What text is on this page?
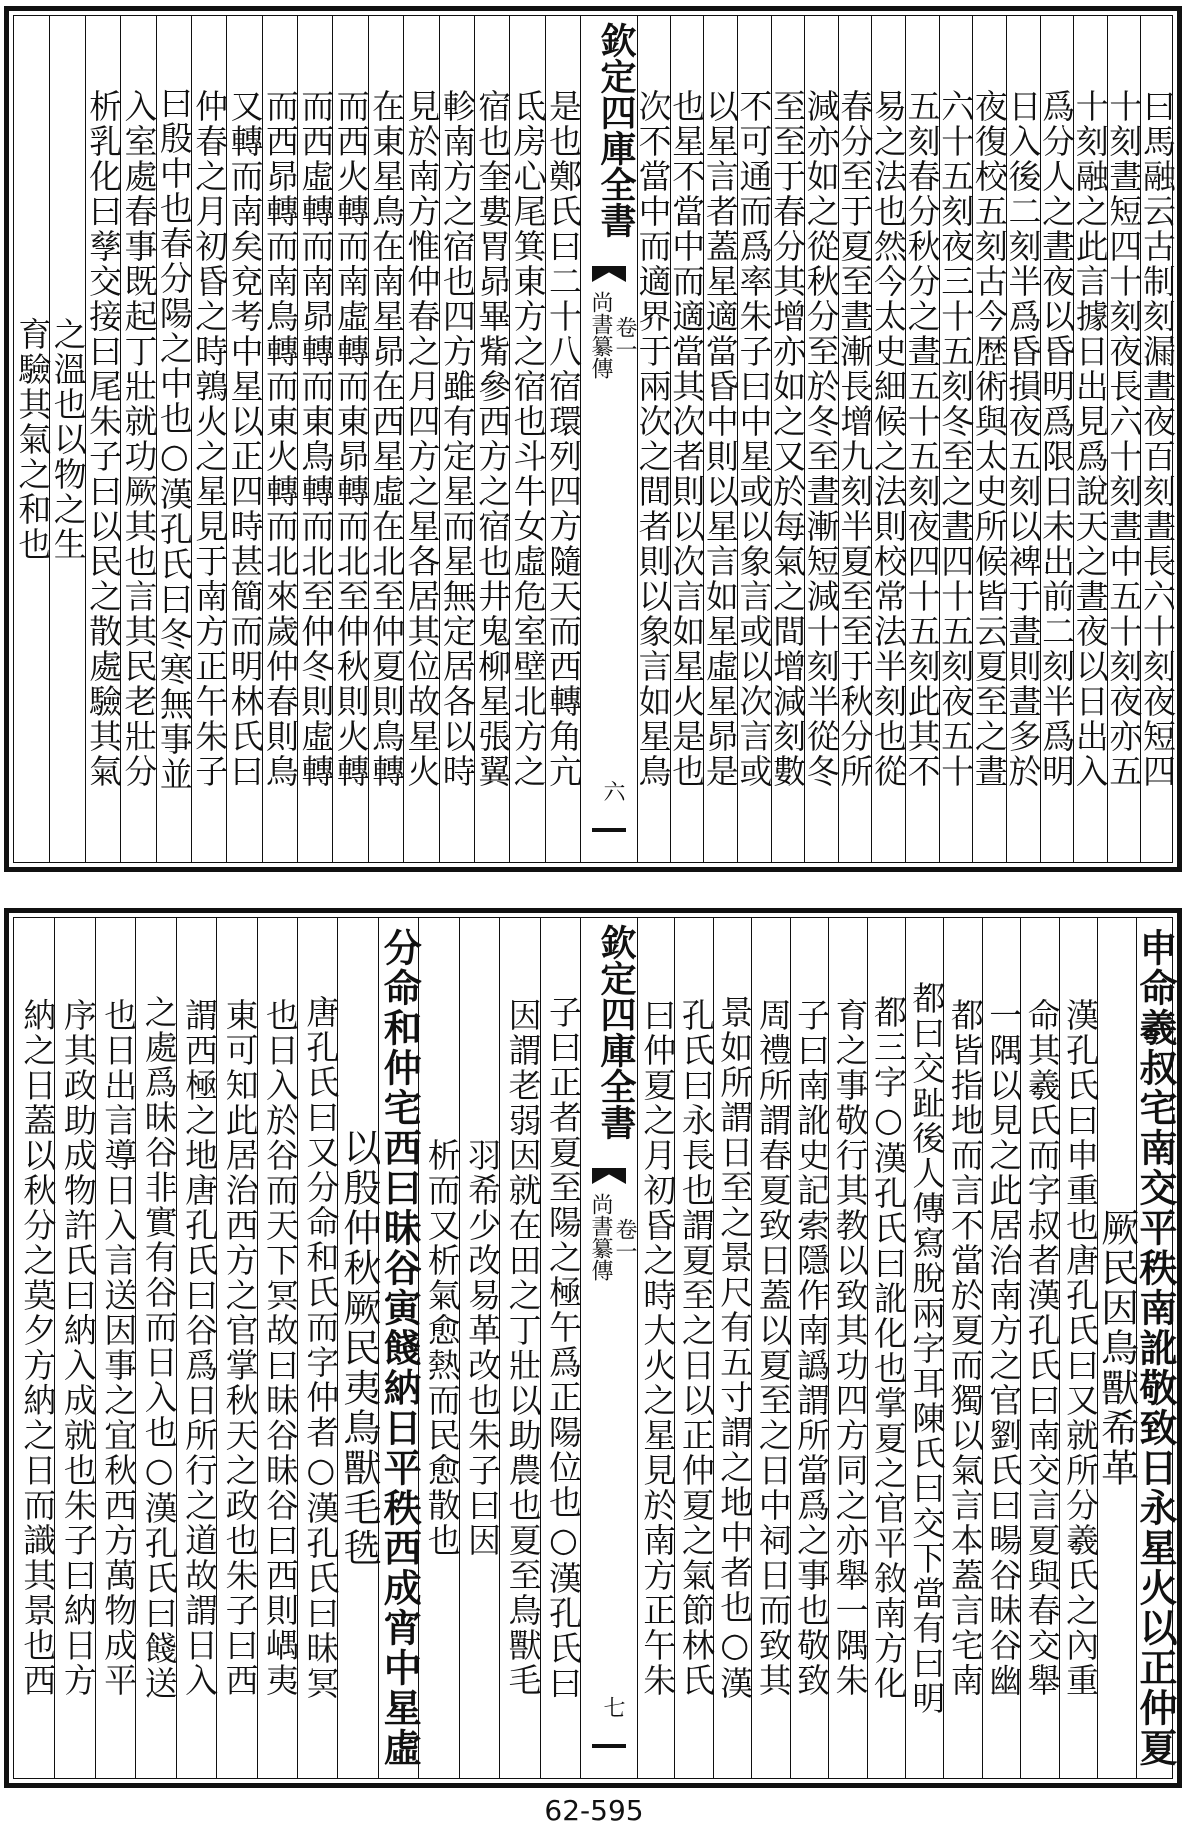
曰馬融云古制刻漏晝夜百刻晝長六十刻夜短四
十刻晝短四十刻夜長六十刻晝中五十刻夜亦五
十刻融之此言據日出見爲說天之晝夜以日出入
爲分人之晝夜以昏明爲限日未出前二刻半爲明
日入後二刻半爲昏損夜五刻以裨于晝則晝多於
夜復校五刻古今歴術與太史所候皆云夏至之晝
六十五刻夜三十五刻冬至之晝四十五刻夜五十
五刻春分秋分之晝五十五刻夜四十五刻此其不
易之法也然今太史細候之法則校常法半刻也從
春分至于夏至晝漸長增九刻半夏至至于秋分所
減亦如之從秋分至於冬至晝漸短減十刻半從冬
至至于春分其增亦如之又於每氣之間增減刻數
不可通而爲率朱子曰中星或以象言或以次言或
以星言者蓋星適當昏中則以星言如星虛星昴是
也星不當中而適當其次者則以次言如星火是也
次不當中而適界于兩次之間者則以象言如星鳥
是也鄭氏曰二十八宿環列四方隨天而西轉角亢
氐房心尾箕東方之宿也斗牛女虛危室壁北方之
宿也奎婁胃昴畢觜參西方之宿也井鬼柳星張翼
軫南方之宿也四方雖有定星而星無定居各以時
見於南方惟仲春之月四方之星各居其位故星火
在東星鳥在南星昴在西星虛在北至仲夏則鳥轉
而西火轉而南虛轉而東昴轉而北至仲秋則火轉
而西虛轉而南昴轉而東鳥轉而北至仲冬則虛轉
而西昴轉而南鳥轉而東火轉而北來歲仲春則鳥
又轉而南矣兗考中星以正四時甚簡而明林氏曰
仲春之月初昏之時鶉火之星見于南方正午朱子
曰殷中也春分陽之中也○漢孔氏曰冬寒無事並
入室處春事既起丁壯就功厥其也言其民老壯分
析乳化曰孳交接曰尾朱子曰以民之散處驗其氣
之溫也以物之生
育驗其氣之和也
欽定四庫全書
尚書纂傳 卷一
六
申命羲叔宅南交平秩南訛敬致日永星火以正仲夏
厥民因鳥獸希革
漢孔氏曰申重也唐孔氏曰又就所分羲氏之內重
命其羲氏而字叔者漢孔氏曰南交言夏與春交舉
一隅以見之此居治南方之官劉氏曰暘谷昧谷幽
都皆指地而言不當於夏而獨以氣言本蓋言宅南
都曰交趾後人傳寫脫兩字耳陳氏曰交下當有曰明
都三字○漢孔氏曰訛化也掌夏之官平敘南方化
育之事敬行其教以致其功四方同之亦舉一隅朱
子曰南訛史記索隱作南譌謂所當爲之事也敬致
周禮所謂春夏致日蓋以夏至之日中祠日而致其
景如所謂日至之景尺有五寸謂之地中者也○漢
孔氏曰永長也謂夏至之日以正仲夏之氣節林氏
曰仲夏之月初昏之時大火之星見於南方正午朱
子曰正者夏至陽之極午爲正陽位也○漢孔氏曰
因謂老弱因就在田之丁壯以助農也夏至鳥獸毛
羽希少改易革改也朱子曰因
析而又析氣愈熱而民愈散也
分命和仲宅西曰昧谷寅餞納日平秩西成宵中星虛
以殷仲秋厥民夷鳥獸毛毨
唐孔氏曰又分命和氏而字仲者○漢孔氏曰昧冥
也日入於谷而天下冥故曰昧谷昧谷曰西則嵎夷
東可知此居治西方之官掌秋天之政也朱子曰西
謂西極之地唐孔氏曰谷爲日所行之道故謂日入
之處爲昧谷非實有谷而日入也○漢孔氏曰餞送
也日出言導日入言送因事之宜秋西方萬物成平
序其政助成物許氏曰納入成就也朱子曰納日方
納之日蓋以秋分之莫夕方納之日而識其景也西	欽定四庫全書
尚書纂傳 卷一
七
62-595
